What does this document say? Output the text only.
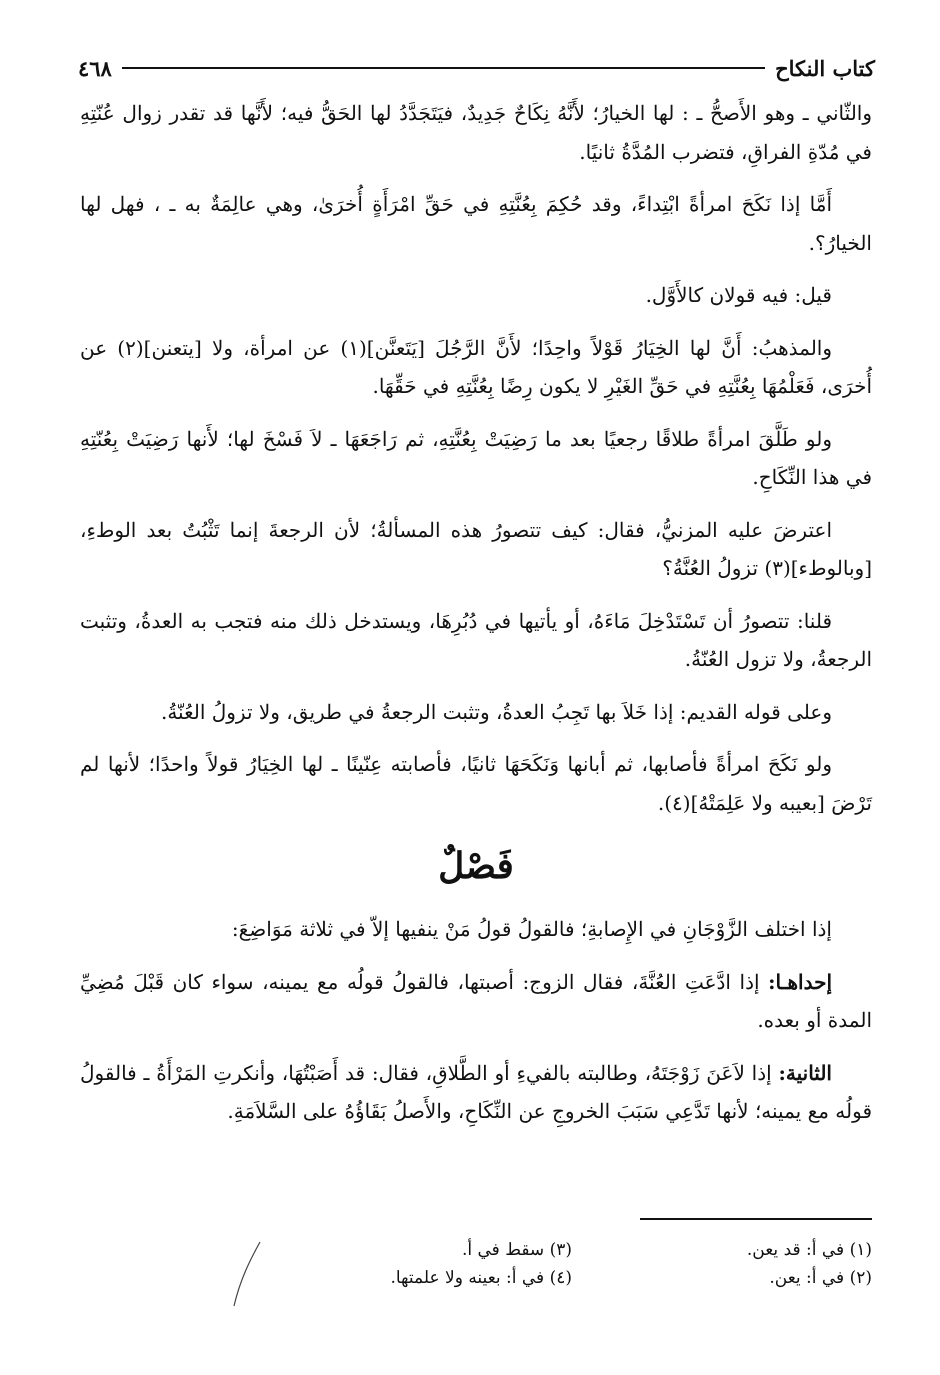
كتاب النكاح
٤٦٨

والثّاني ـ وهو الأَصحُّ ـ : لها الخيارُ؛ لأَنَّهُ نِكَاحٌ جَدِيدٌ، فيَتَجَدَّدُ لها الحَقُّ فيه؛ لأَنَّها قد تقدر زوال عُنّتِهِ في مُدّةِ الفراقِ، فتضرب المُدَّةُ ثانيًا.

أَمَّا إذا نَكَحَ امرأةً ابْتِداءً، وقد حُكِمَ بِعُنَّتِهِ في حَقِّ امْرَأَةٍ أُخرَىٰ، وهي عالِمَةٌ به ـ ، فهل لها الخيارُ؟.

قيل: فيه قولان كالأَوَّل.

والمذهبُ: أَنَّ لها الخِيَارُ قَوْلاً واحِدًا؛ لأَنَّ الرَّجُلَ [يَتَعنَّن](١) عن امرأة، ولا [يتعنن](٢) عن أُخرَى، فَعَلْمُهَا بِعُنَّتِهِ في حَقِّ الغَيْرِ لا يكون رِضًا بِعُنَّتِهِ في حَقِّهَا.

ولو طَلَّقَ امرأةً طلاقًا رجعيًا بعد ما رَضِيَتْ بِعُنَّتِهِ، ثم رَاجَعَهَا ـ لاَ فَسْخَ لها؛ لأَنها رَضِيَتْ بِعُنّتِهِ في هذا النِّكَاحِ.

اعترضَ عليه المزنيُّ، فقال: كيف تتصورُ هذه المسألةُ؛ لأن الرجعةَ إنما تَثْبُتُ بعد الوطءِ، [وبالوطء](٣) تزولُ العُنَّةُ؟

قلنا: تتصورُ أن تَسْتَدْخِلَ مَاءَهُ، أو يأتيها في دُبُرِهَا، ويستدخل ذلك منه فتجب به العدةُ، وتثبت الرجعةُ، ولا تزول العُنّةُ.

وعلى قوله القديم: إذا خَلاَ بها تَجِبُ العدةُ، وتثبت الرجعةُ في طريق، ولا تزولُ العُنّةُ.

ولو نَكَحَ امرأةً فأصابها، ثم أبانها وَنَكَحَهَا ثانيًا، فأصابته عِنّينًا ـ لها الخِيَارُ قولاً واحدًا؛ لأنها لم تَرْضَ [بعيبه ولا عَلِمَتْهُ](٤).

فَصْلٌ

إذا اختلف الزَّوْجَانِ في الإِصابةِ؛ فالقولُ قولُ مَنْ ينفيها إلاّ في ثلاثة مَوَاضِعَ:

إحداهـا: إذا ادَّعَتِ العُنَّةَ، فقال الزوج: أصبتها، فالقولُ قولُه مع يمينه، سواء كان قَبْلَ مُضِيِّ المدة أو بعده.

الثانية: إذا لاَعَنَ زَوْجَتَهُ، وطالبته بالفيءِ أو الطَّلاقِ، فقال: قد أَصَبْتُهَا، وأنكرتِ المَرْأَةُ ـ فالقولُ قولُه مع يمينه؛ لأنها تَدَّعِي سَبَبَ الخروجِ عن النِّكَاحِ، والأَصلُ بَقَاؤُهُ على السَّلاَمَةِ.

(١) في أ: قد يعن.
(٢) في أ: يعن.
(٣) سقط في أ.
(٤) في أ: بعينه ولا علمتها.
